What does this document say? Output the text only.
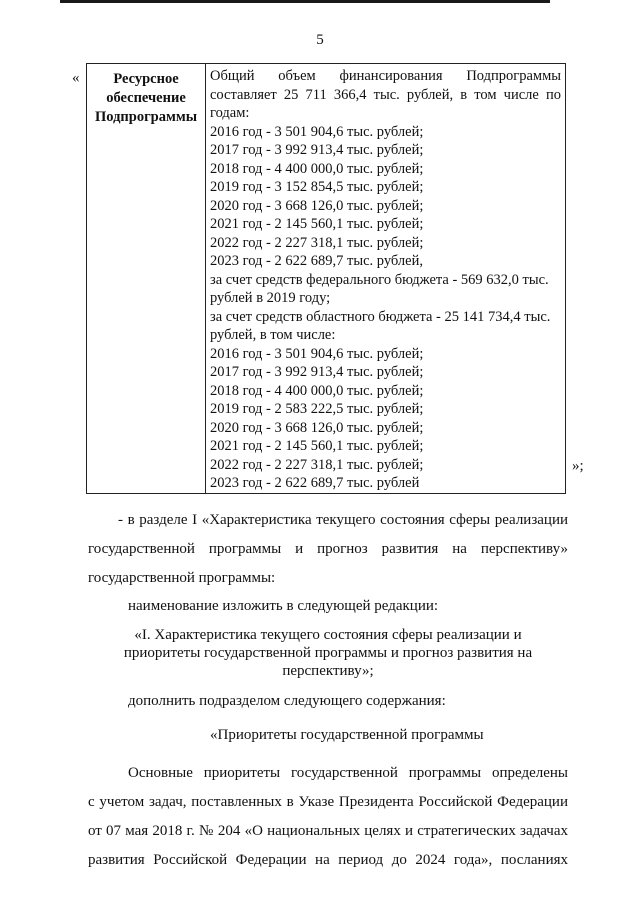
5
«	Ресурсное
обеспечение
Подпрограммы

Общий объем финансирования Подпрограммы
составляет 25 711 366,4 тыс. рублей, в том числе по
годам:
2016 год - 3 501 904,6 тыс. рублей;
2017 год - 3 992 913,4 тыс. рублей;
2018 год - 4 400 000,0 тыс. рублей;
2019 год - 3 152 854,5 тыс. рублей;
2020 год - 3 668 126,0 тыс. рублей;
2021 год - 2 145 560,1 тыс. рублей;
2022 год - 2 227 318,1 тыс. рублей;
2023 год - 2 622 689,7 тыс. рублей,
за счет средств федерального бюджета - 569 632,0 тыс.
рублей в 2019 году;
за счет средств областного бюджета - 25 141 734,4 тыс.
рублей, в том числе:
2016 год - 3 501 904,6 тыс. рублей;
2017 год - 3 992 913,4 тыс. рублей;
2018 год - 4 400 000,0 тыс. рублей;
2019 год - 2 583 222,5 тыс. рублей;
2020 год - 3 668 126,0 тыс. рублей;
2021 год - 2 145 560,1 тыс. рублей;
2022 год - 2 227 318,1 тыс. рублей;
2023 год - 2 622 689,7 тыс. рублей
»;
- в разделе I «Характеристика текущего состояния сферы реализации
государственной программы и прогноз развития на перспективу»
государственной программы:
наименование изложить в следующей редакции:
«I. Характеристика текущего состояния сферы реализации и
приоритеты государственной программы и прогноз развития на
перспективу»;
дополнить подразделом следующего содержания:
«Приоритеты государственной программы
Основные приоритеты государственной программы определены
с учетом задач, поставленных в Указе Президента Российской Федерации
от 07 мая 2018 г. № 204 «О национальных целях и стратегических задачах
развития Российской Федерации на период до 2024 года», посланиях
